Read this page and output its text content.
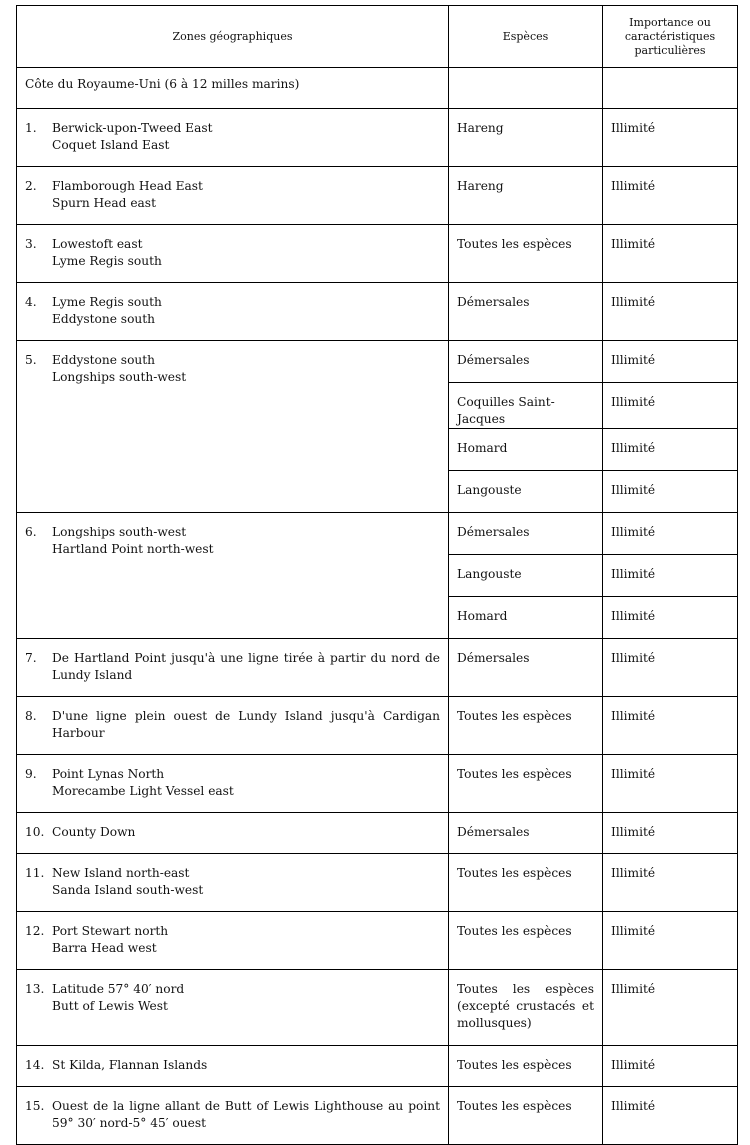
Zones géographiques	Espèces	Importance ou caractéristiques particulières

Côte du Royaume-Uni (6 à 12 milles marins)		

1. Berwick-upon-Tweed East
Coquet Island East	Hareng	Illimité

2. Flamborough Head East
Spurn Head east	Hareng	Illimité

3. Lowestoft east
Lyme Regis south	Toutes les espèces	Illimité

4. Lyme Regis south
Eddystone south	Démersales	Illimité

5. Eddystone south
Longships south-west	Démersales	Illimité

	Coquilles Saint-Jacques	Illimité

	Homard	Illimité

	Langouste	Illimité

6. Longships south-west
Hartland Point north-west	Démersales	Illimité

	Langouste	Illimité

	Homard	Illimité

7. De Hartland Point jusqu'à une ligne tirée à partir du nord de Lundy Island	Démersales	Illimité

8. D'une ligne plein ouest de Lundy Island jusqu'à Cardigan Harbour	Toutes les espèces	Illimité

9. Point Lynas North
Morecambe Light Vessel east	Toutes les espèces	Illimité

10. County Down	Démersales	Illimité

11. New Island north-east
Sanda Island south-west	Toutes les espèces	Illimité

12. Port Stewart north
Barra Head west	Toutes les espèces	Illimité

13. Latitude 57° 40′ nord
Butt of Lewis West	Toutes les espèces (excepté crustacés et mollusques)	Illimité

14. St Kilda, Flannan Islands	Toutes les espèces	Illimité

15. Ouest de la ligne allant de Butt of Lewis Lighthouse au point 59° 30′ nord-5° 45′ ouest	Toutes les espèces	Illimité
